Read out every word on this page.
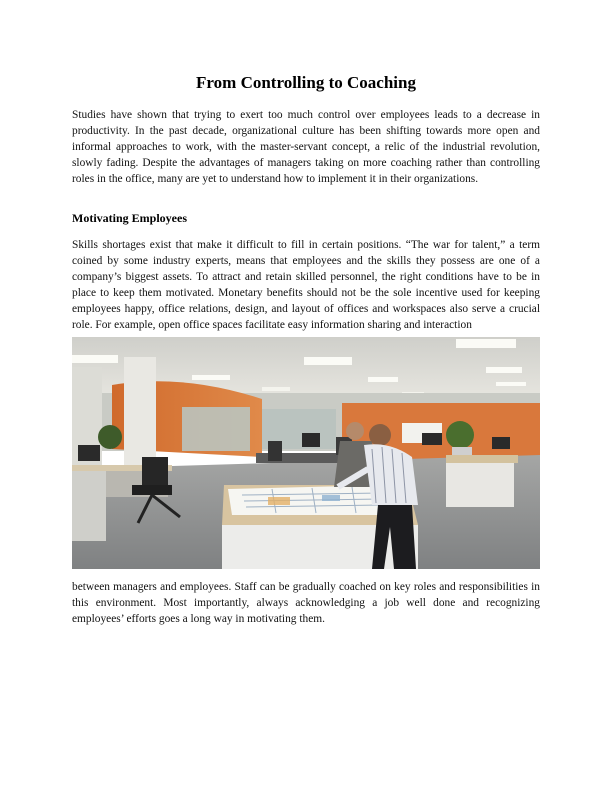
From Controlling to Coaching

Studies have shown that trying to exert too much control over employees leads to a decrease in productivity. In the past decade, organizational culture has been shifting towards more open and informal approaches to work, with the master-servant concept, a relic of the industrial revolution, slowly fading. Despite the advantages of managers taking on more coaching rather than controlling roles in the office, many are yet to understand how to implement it in their organizations.

Motivating Employees

Skills shortages exist that make it difficult to fill in certain positions. “The war for talent,” a term coined by some industry experts, means that employees and the skills they possess are one of a company’s biggest assets. To attract and retain skilled personnel, the right conditions have to be in place to keep them motivated. Monetary benefits should not be the sole incentive used for keeping employees happy, office relations, design, and layout of offices and workspaces also serve a crucial role. For example, open office spaces facilitate easy information sharing and interaction

between managers and employees. Staff can be gradually coached on key roles and responsibilities in this environment. Most importantly, always acknowledging a job well done and recognizing employees’ efforts goes a long way in motivating them.
